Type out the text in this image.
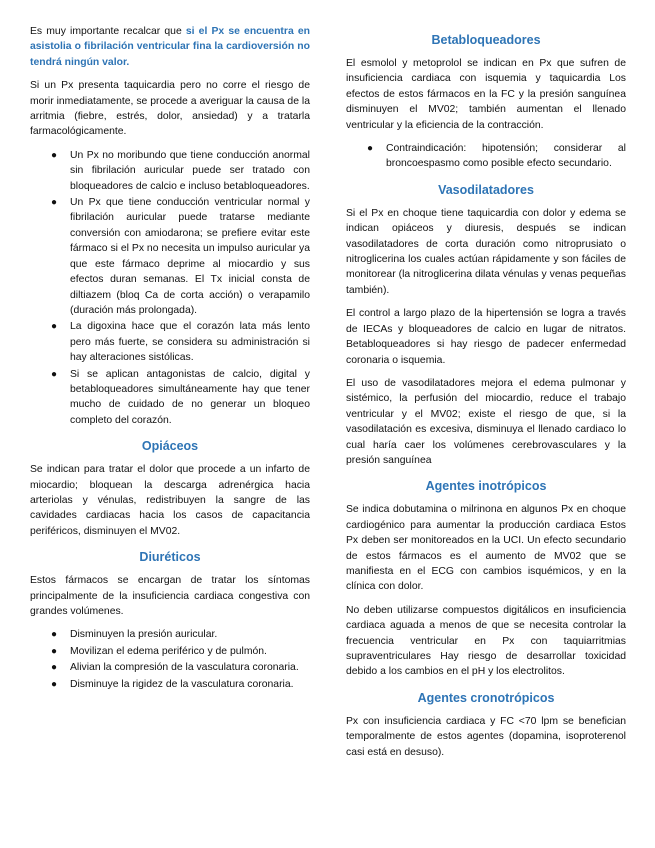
Es muy importante recalcar que si el Px se encuentra en asistolia o fibrilación ventricular fina la cardioversión no tendrá ningún valor.

Si un Px presenta taquicardia pero no corre el riesgo de morir inmediatamente, se procede a averiguar la causa de la arritmia (fiebre, estrés, dolor, ansiedad) y a tratarla farmacológicamente.

● Un Px no moribundo que tiene conducción anormal sin fibrilación auricular puede ser tratado con bloqueadores de calcio e incluso betabloqueadores.
● Un Px que tiene conducción ventricular normal y fibrilación auricular puede tratarse mediante conversión con amiodarona; se prefiere evitar este fármaco si el Px no necesita un impulso auricular ya que este fármaco deprime al miocardio y sus efectos duran semanas. El Tx inicial consta de diltiazem (bloq Ca de corta acción) o verapamilo (duración más prolongada).
● La digoxina hace que el corazón lata más lento pero más fuerte, se considera su administración si hay alteraciones sistólicas.
● Si se aplican antagonistas de calcio, digital y betabloqueadores simultáneamente hay que tener mucho de cuidado de no generar un bloqueo completo del corazón.
Opiáceos

Se indican para tratar el dolor que procede a un infarto de miocardio; bloquean la descarga adrenérgica hacia arteriolas y vénulas, redistribuyen la sangre de las cavidades cardiacas hacia los casos de capacitancia periféricos, disminuyen el MV02.

Diuréticos

Estos fármacos se encargan de tratar los síntomas principalmente de la insuficiencia cardiaca congestiva con grandes volúmenes.

● Disminuyen la presión auricular.
● Movilizan el edema periférico y de pulmón.
● Alivian la compresión de la vasculatura coronaria.
● Disminuye la rigidez de la vasculatura coronaria.
Betabloqueadores

El esmolol y metoprolol se indican en Px que sufren de insuficiencia cardiaca con isquemia y taquicardia Los efectos de estos fármacos en la FC y la presión sanguínea disminuyen el MV02; también aumentan el llenado ventricular y la eficiencia de la contracción.

● Contraindicación: hipotensión; considerar al broncoespasmo como posible efecto secundario.
Vasodilatadores

Si el Px en choque tiene taquicardia con dolor y edema se indican opiáceos y diuresis, después se indican vasodilatadores de corta duración como nitroprusiato o nitroglicerina los cuales actúan rápidamente y son fáciles de monitorear (la nitroglicerina dilata vénulas y venas pequeñas también).

El control a largo plazo de la hipertensión se logra a través de IECAs y bloqueadores de calcio en lugar de nitratos. Betabloqueadores si hay riesgo de padecer enfermedad coronaria o isquemia.

El uso de vasodilatadores mejora el edema pulmonar y sistémico, la perfusión del miocardio, reduce el trabajo ventricular y el MV02; existe el riesgo de que, si la vasodilatación es excesiva, disminuya el llenado cardiaco lo cual haría caer los volúmenes cerebrovasculares y la presión sanguínea

Agentes inotrópicos

Se indica dobutamina o milrinona en algunos Px en choque cardiogénico para aumentar la producción cardiaca Estos Px deben ser monitoreados en la UCI. Un efecto secundario de estos fármacos es el aumento de MV02 que se manifiesta en el ECG con cambios isquémicos, y en la clínica con dolor.

No deben utilizarse compuestos digitálicos en insuficiencia cardiaca aguada a menos de que se necesita controlar la frecuencia ventricular en Px con taquiarritmias supraventriculares Hay riesgo de desarrollar toxicidad debido a los cambios en el pH y los electrolitos.

Agentes cronotrópicos

Px con insuficiencia cardiaca y FC <70 lpm se benefician temporalmente de estos agentes (dopamina, isoproterenol casi está en desuso).
